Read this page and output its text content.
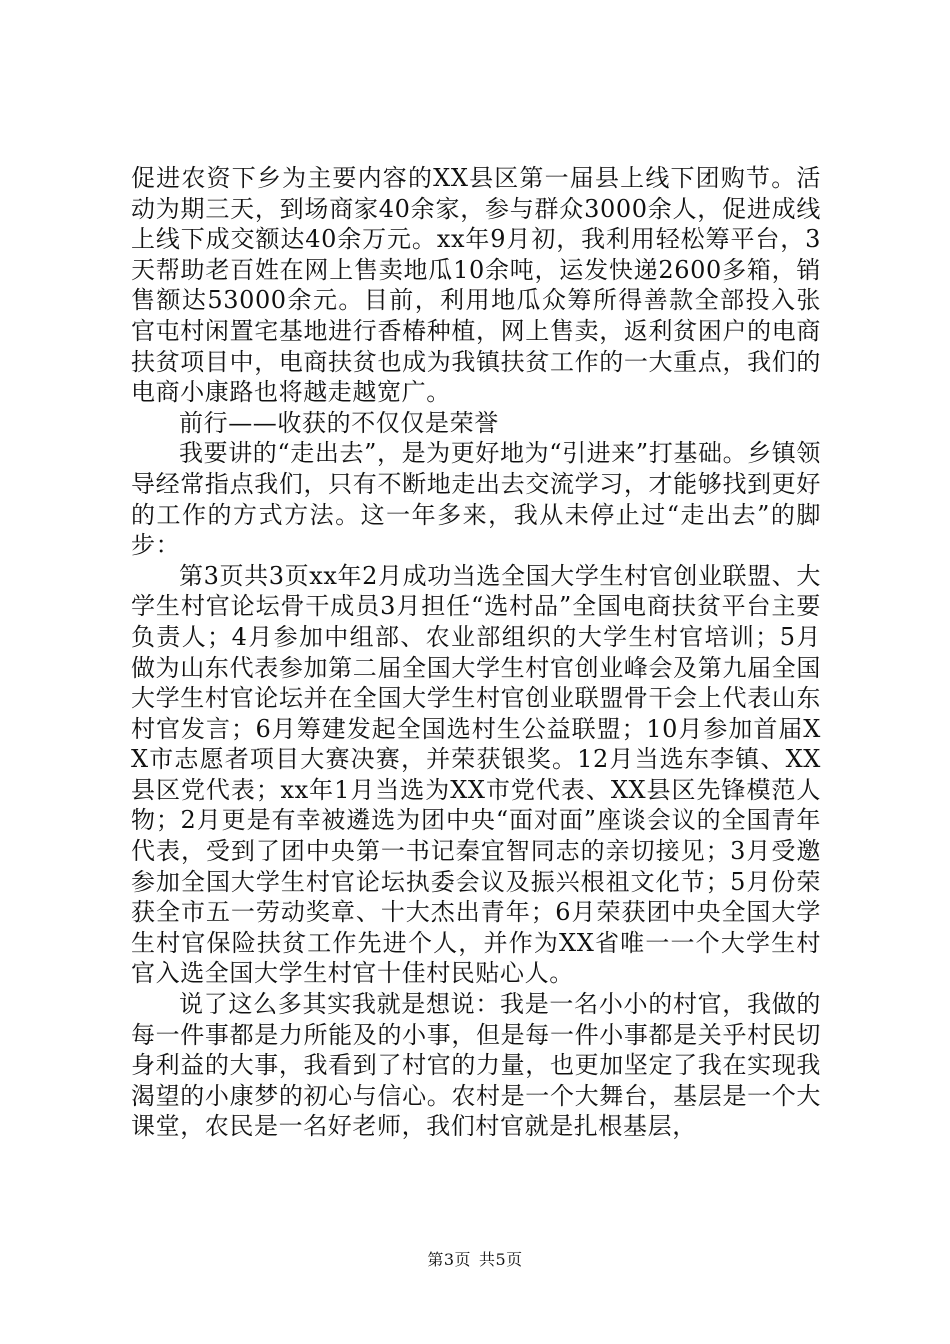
促进农资下乡为主要内容的XX县区第一届县上线下团购节。活动为期三天，到场商家40余家，参与群众3000余人，促进成线上线下成交额达40余万元。xx年9月初，我利用轻松筹平台，3天帮助老百姓在网上售卖地瓜10余吨，运发快递2600多箱，销售额达53000余元。目前，利用地瓜众筹所得善款全部投入张官屯村闲置宅基地进行香椿种植，网上售卖，返利贫困户的电商扶贫项目中，电商扶贫也成为我镇扶贫工作的一大重点，我们的电商小康路也将越走越宽广。

前行——收获的不仅仅是荣誉

我要讲的“走出去”，是为更好地为“引进来”打基础。乡镇领导经常指点我们，只有不断地走出去交流学习，才能够找到更好的工作的方式方法。这一年多来，我从未停止过“走出去”的脚步：

第3页共3页xx年2月成功当选全国大学生村官创业联盟、大学生村官论坛骨干成员3月担任“选村品”全国电商扶贫平台主要负责人；4月参加中组部、农业部组织的大学生村官培训；5月做为山东代表参加第二届全国大学生村官创业峰会及第九届全国大学生村官论坛并在全国大学生村官创业联盟骨干会上代表山东村官发言；6月筹建发起全国选村生公益联盟；10月参加首届XX市志愿者项目大赛决赛，并荣获银奖。12月当选东李镇、XX县区党代表；xx年1月当选为XX市党代表、XX县区先锋模范人物；2月更是有幸被遴选为团中央“面对面”座谈会议的全国青年代表，受到了团中央第一书记秦宜智同志的亲切接见；3月受邀参加全国大学生村官论坛执委会议及振兴根祖文化节；5月份荣获全市五一劳动奖章、十大杰出青年；6月荣获团中央全国大学生村官保险扶贫工作先进个人，并作为XX省唯一一个大学生村官入选全国大学生村官十佳村民贴心人。

说了这么多其实我就是想说：我是一名小小的村官，我做的每一件事都是力所能及的小事，但是每一件小事都是关乎村民切身利益的大事，我看到了村官的力量，也更加坚定了我在实现我渴望的小康梦的初心与信心。农村是一个大舞台，基层是一个大课堂，农民是一名好老师，我们村官就是扎根基层，

第3页 共5页
